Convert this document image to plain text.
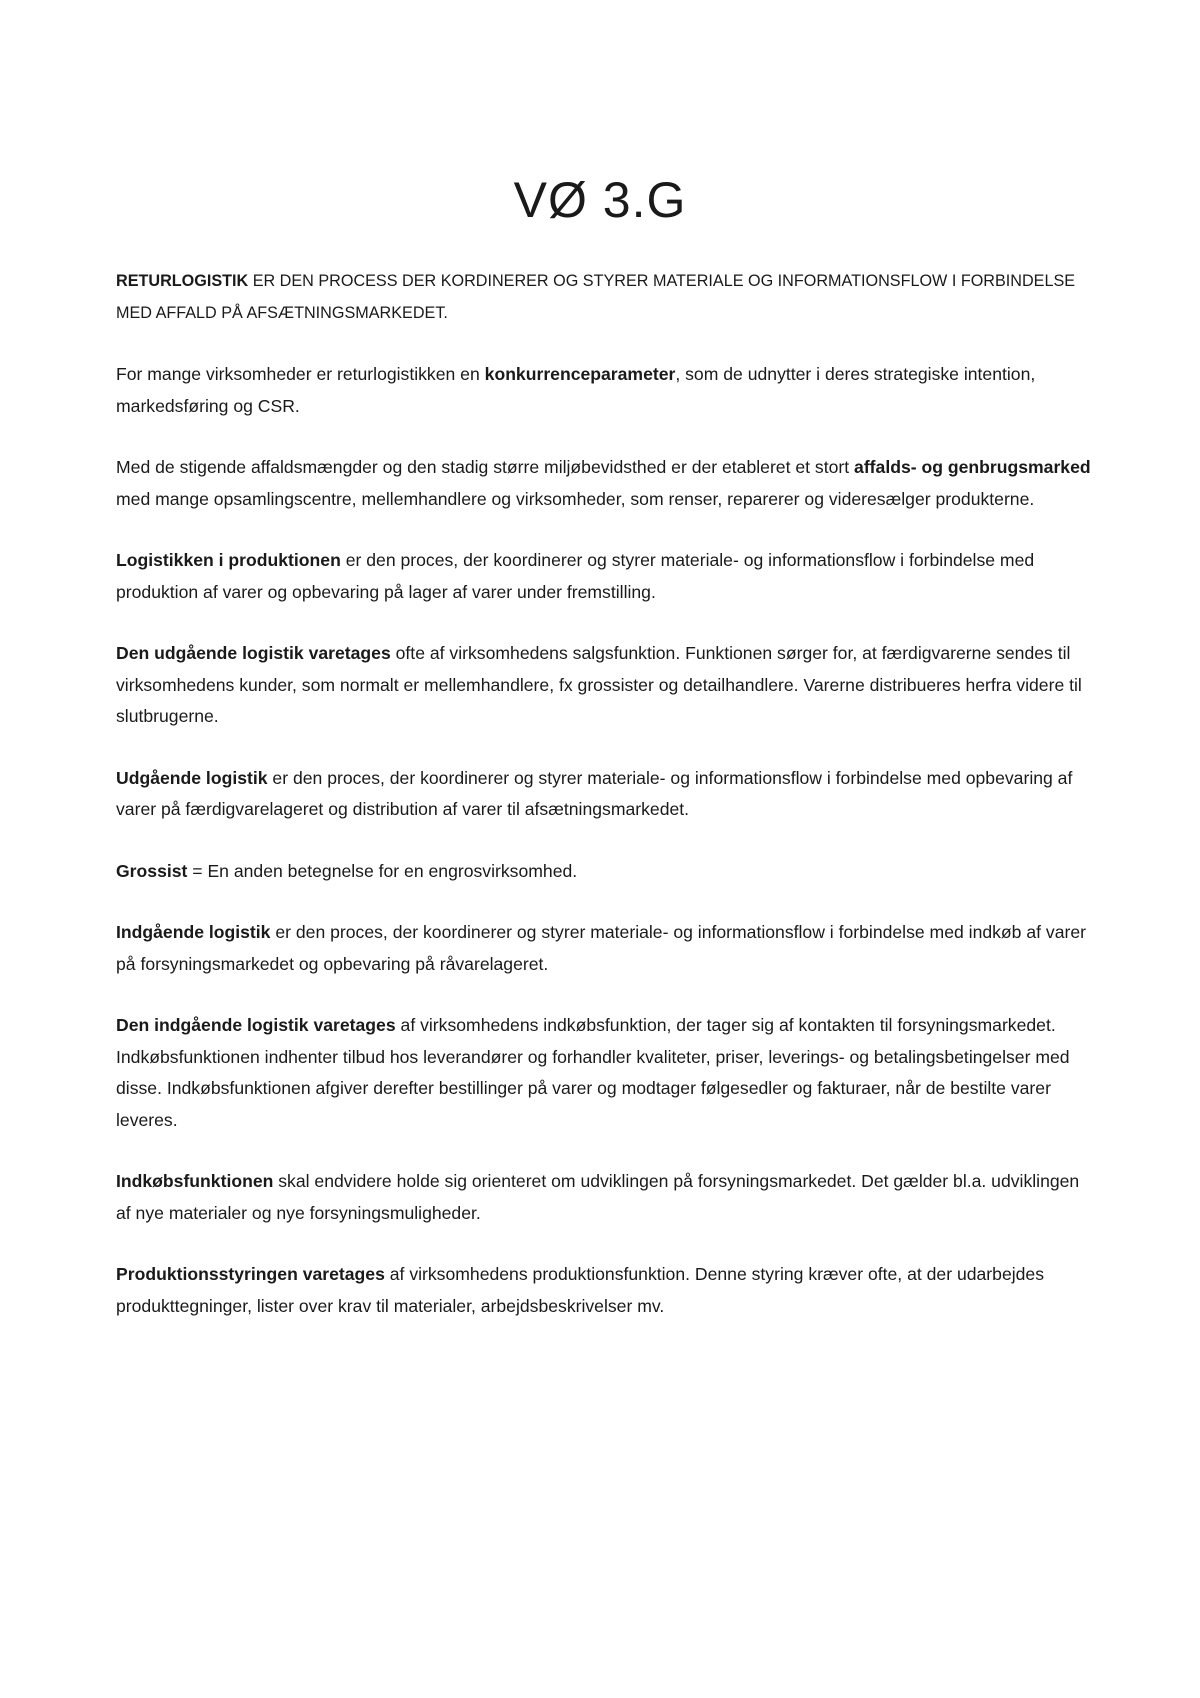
VØ 3.G

RETURLOGISTIK ER DEN PROCESS DER KORDINERER OG STYRER MATERIALE OG INFORMATIONSFLOW I FORBINDELSE MED AFFALD PÅ AFSÆTNINGSMARKEDET.

For mange virksomheder er returlogistikken en konkurrenceparameter, som de udnytter i deres strategiske intention, markedsføring og CSR.

Med de stigende affaldsmængder og den stadig større miljøbevidsthed er der etableret et stort affalds- og genbrugsmarked med mange opsamlingscentre, mellemhandlere og virksomheder, som renser, reparerer og videresælger produkterne.

Logistikken i produktionen er den proces, der koordinerer og styrer materiale- og informationsflow i forbindelse med produktion af varer og opbevaring på lager af varer under fremstilling.

Den udgående logistik varetages ofte af virksomhedens salgsfunktion. Funktionen sørger for, at færdigvarerne sendes til virksomhedens kunder, som normalt er mellemhandlere, fx grossister og detailhandlere. Varerne distribueres herfra videre til slutbrugerne.

Udgående logistik er den proces, der koordinerer og styrer materiale- og informationsflow i forbindelse med opbevaring af varer på færdigvarelageret og distribution af varer til afsætningsmarkedet.

Grossist = En anden betegnelse for en engrosvirksomhed.

Indgående logistik er den proces, der koordinerer og styrer materiale- og informationsflow i forbindelse med indkøb af varer på forsyningsmarkedet og opbevaring på råvarelageret.

Den indgående logistik varetages af virksomhedens indkøbsfunktion, der tager sig af kontakten til forsyningsmarkedet. Indkøbsfunktionen indhenter tilbud hos leverandører og forhandler kvaliteter, priser, leverings- og betalingsbetingelser med disse. Indkøbsfunktionen afgiver derefter bestillinger på varer og modtager følgesedler og fakturaer, når de bestilte varer leveres.

Indkøbsfunktionen skal endvidere holde sig orienteret om udviklingen på forsyningsmarkedet. Det gælder bl.a. udviklingen af nye materialer og nye forsyningsmuligheder.

Produktionsstyringen varetages af virksomhedens produktionsfunktion. Denne styring kræver ofte, at der udarbejdes produkttegninger, lister over krav til materialer, arbejdsbeskrivelser mv.
